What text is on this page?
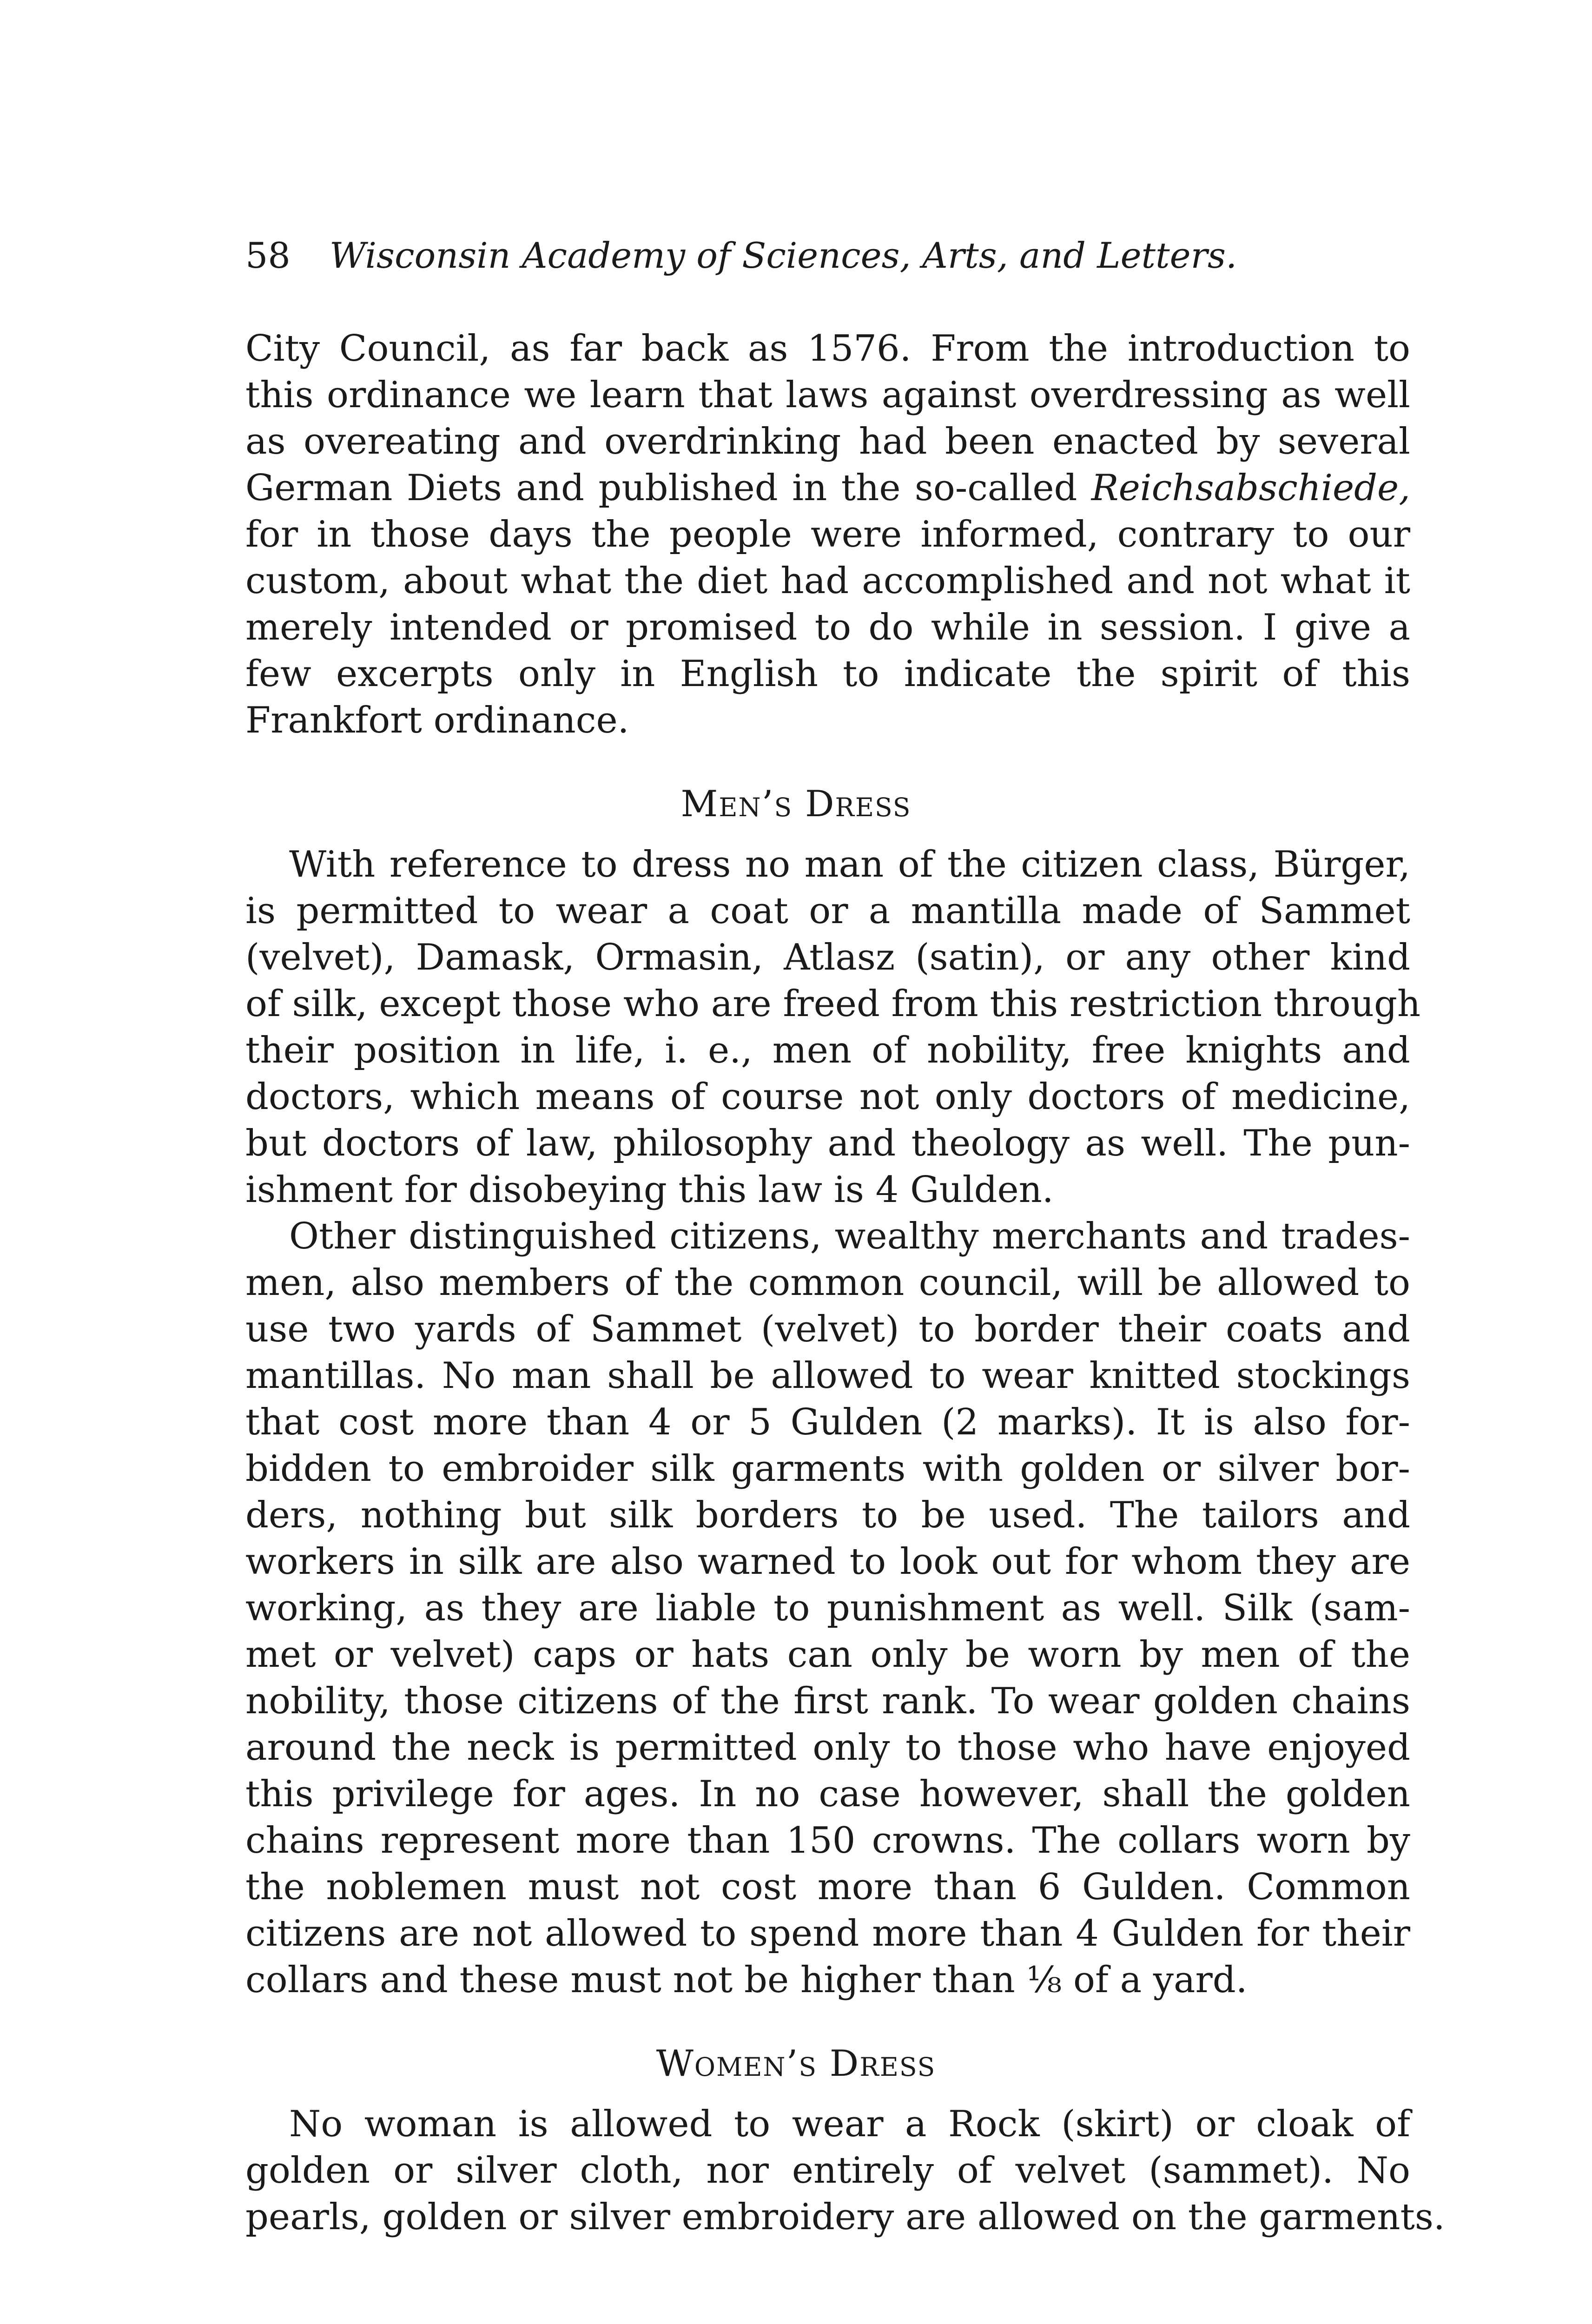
58 Wisconsin Academy of Sciences, Arts, and Letters.
City Council, as far back as 1576. From the introduction to
this ordinance we learn that laws against overdressing as well
as overeating and overdrinking had been enacted by several
German Diets and published in the so-called Reichsabschiede,
for in those days the people were informed, contrary to our
custom, about what the diet had accomplished and not what it
merely intended or promised to do while in session. I give a
few excerpts only in English to indicate the spirit of this
Frankfort ordinance.
Men’s Dress
With reference to dress no man of the citizen class, Bürger,
is permitted to wear a coat or a mantilla made of Sammet
(velvet), Damask, Ormasin, Atlasz (satin), or any other kind
of silk, except those who are freed from this restriction through
their position in life, i. e., men of nobility, free knights and
doctors, which means of course not only doctors of medicine,
but doctors of law, philosophy and theology as well. The pun-
ishment for disobeying this law is 4 Gulden.
Other distinguished citizens, wealthy merchants and trades-
men, also members of the common council, will be allowed to
use two yards of Sammet (velvet) to border their coats and
mantillas. No man shall be allowed to wear knitted stockings
that cost more than 4 or 5 Gulden (2 marks). It is also for-
bidden to embroider silk garments with golden or silver bor-
ders, nothing but silk borders to be used. The tailors and
workers in silk are also warned to look out for whom they are
working, as they are liable to punishment as well. Silk (sam-
met or velvet) caps or hats can only be worn by men of the
nobility, those citizens of the first rank. To wear golden chains
around the neck is permitted only to those who have enjoyed
this privilege for ages. In no case however, shall the golden
chains represent more than 150 crowns. The collars worn by
the noblemen must not cost more than 6 Gulden. Common
citizens are not allowed to spend more than 4 Gulden for their
collars and these must not be higher than ⅛ of a yard.
Women’s Dress
No woman is allowed to wear a Rock (skirt) or cloak of
golden or silver cloth, nor entirely of velvet (sammet). No
pearls, golden or silver embroidery are allowed on the garments.
